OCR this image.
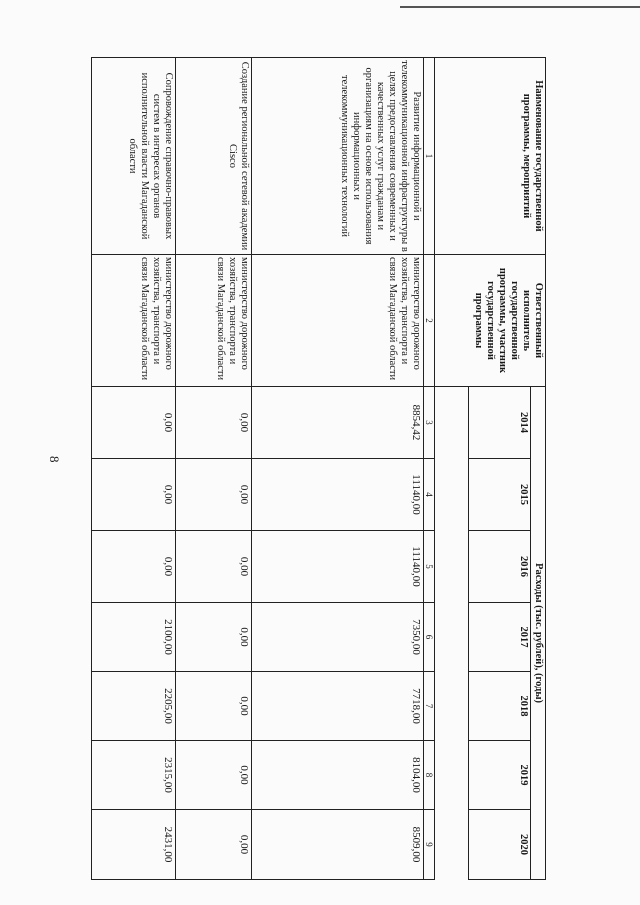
8
Наименование государственной программы, мероприятий	Ответственный исполнитель государственной программы, участник государственной программы	Расходы (тыс. рублей), (годы)						
		2014	2015	2016	2017	2018	2019	2020

1	2	3	4	5	6	7	8	9
Развитие информационной и телекоммуникационной инфраструктуры в целях предоставления современных и качественных услуг гражданам и организациям на основе использования информационных и телекоммуникационных технологий	министерство дорожного хозяйства, транспорта и связи Магаданской области	8854,42	11140,00	11140,00	7350,00	7718,00	8104,00	8509,00
Создание региональной сетевой академии Cisco	министерство дорожного хозяйства, транспорта и связи Магаданской области	0,00	0,00	0,00	0,00	0,00	0,00	0,00
Сопровождение справочно-правовых систем в интересах органов исполнительной власти Магаданской области	министерство дорожного хозяйства, транспорта и связи Магаданской области	0,00	0,00	0,00	2100,00	2205,00	2315,00	2431,00
